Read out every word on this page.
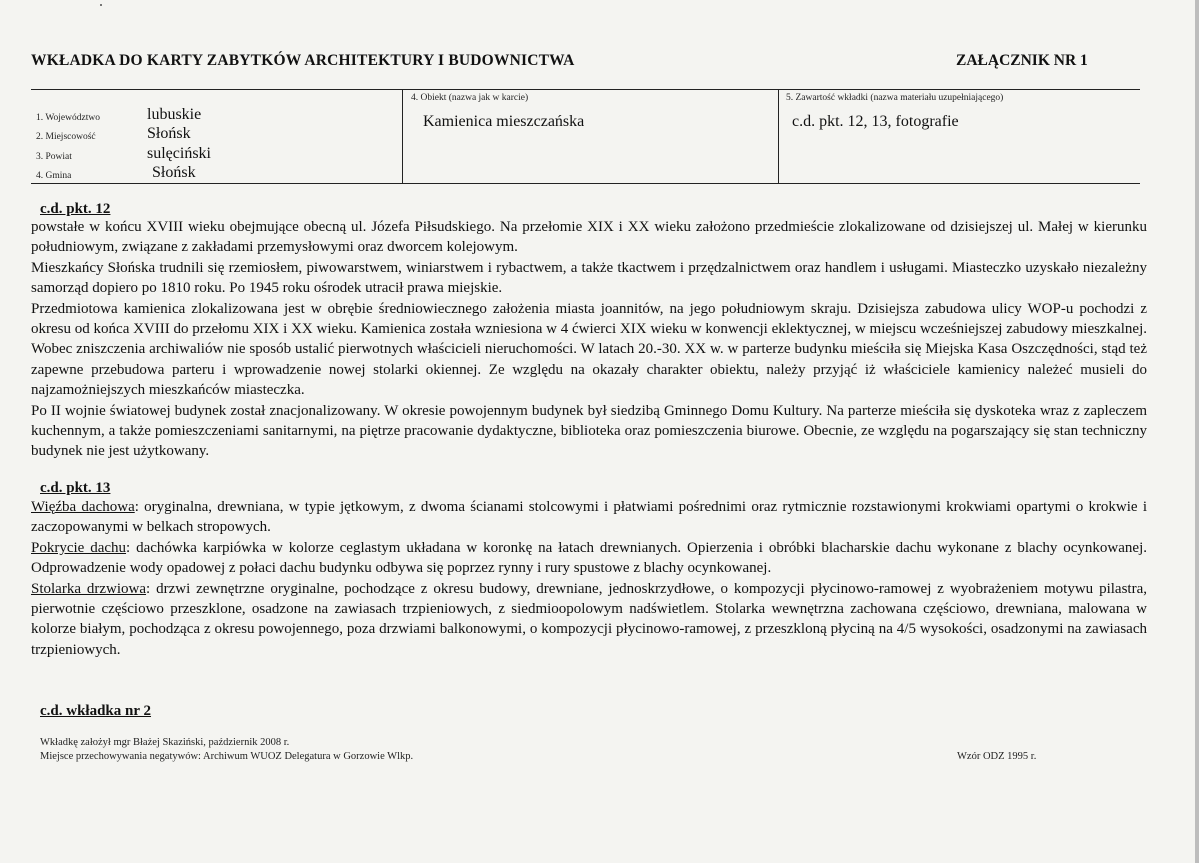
WKŁADKA DO KARTY ZABYTKÓW ARCHITEKTURY I BUDOWNICTWA	ZAŁĄCZNIK NR 1
1. Województwo	lubuskie
2. Miejscowość	Słońsk
3. Powiat	sulęciński
4. Gmina	Słońsk
4. Obiekt (nazwa jak w karcie)
Kamienica mieszczańska
5. Zawartość wkładki (nazwa materiału uzupełniającego)
c.d. pkt. 12, 13, fotografie
c.d. pkt. 12

powstałe w końcu XVIII wieku obejmujące obecną ul. Józefa Piłsudskiego. Na przełomie XIX i XX wieku założono przedmieście zlokalizowane od dzisiejszej ul. Małej w kierunku południowym, związane z zakładami przemysłowymi oraz dworcem kolejowym.

Mieszkańcy Słońska trudnili się rzemiosłem, piwowarstwem, winiarstwem i rybactwem, a także tkactwem i przędzalnictwem oraz handlem i usługami. Miasteczko uzyskało niezależny samorząd dopiero po 1810 roku. Po 1945 roku ośrodek utracił prawa miejskie.

Przedmiotowa kamienica zlokalizowana jest w obrębie średniowiecznego założenia miasta joannitów, na jego południowym skraju. Dzisiejsza zabudowa ulicy WOP-u pochodzi z okresu od końca XVIII do przełomu XIX i XX wieku. Kamienica została wzniesiona w 4 ćwierci XIX wieku w konwencji eklektycznej, w miejscu wcześniejszej zabudowy mieszkalnej. Wobec zniszczenia archiwaliów nie sposób ustalić pierwotnych właścicieli nieruchomości. W latach 20.-30. XX w. w parterze budynku mieściła się Miejska Kasa Oszczędności, stąd też zapewne przebudowa parteru i wprowadzenie nowej stolarki okiennej. Ze względu na okazały charakter obiektu, należy przyjąć iż właściciele kamienicy należeć musieli do najzamożniejszych mieszkańców miasteczka.

Po II wojnie światowej budynek został znacjonalizowany. W okresie powojennym budynek był siedzibą Gminnego Domu Kultury. Na parterze mieściła się dyskoteka wraz z zapleczem kuchennym, a także pomieszczeniami sanitarnymi, na piętrze pracowanie dydaktyczne, biblioteka oraz pomieszczenia biurowe. Obecnie, ze względu na pogarszający się stan techniczny budynek nie jest użytkowany.

c.d. pkt. 13

Więźba dachowa: oryginalna, drewniana, w typie jętkowym, z dwoma ścianami stolcowymi i płatwiami pośrednimi oraz rytmicznie rozstawionymi krokwiami opartymi o krokwie i zaczopowanymi w belkach stropowych.

Pokrycie dachu: dachówka karpiówka w kolorze ceglastym układana w koronkę na łatach drewnianych. Opierzenia i obróbki blacharskie dachu wykonane z blachy ocynkowanej. Odprowadzenie wody opadowej z połaci dachu budynku odbywa się poprzez rynny i rury spustowe z blachy ocynkowanej.

Stolarka drzwiowa: drzwi zewnętrzne oryginalne, pochodzące z okresu budowy, drewniane, jednoskrzydłowe, o kompozycji płycinowo-ramowej z wyobrażeniem motywu pilastra, pierwotnie częściowo przeszklone, osadzone na zawiasach trzpieniowych, z siedmioopolowym nadświetlem. Stolarka wewnętrzna zachowana częściowo, drewniana, malowana w kolorze białym, pochodząca z okresu powojennego, poza drzwiami balkonowymi, o kompozycji płycinowo-ramowej, z przeszkloną płyciną na 4/5 wysokości, osadzonymi na zawiasach trzpieniowych.

c.d. wkładka nr 2
Wkładkę założył mgr Błażej Skaziński, październik 2008 r.
Miejsce przechowywania negatywów: Archiwum WUOZ Delegatura w Gorzowie Wlkp.	Wzór ODZ 1995 r.
